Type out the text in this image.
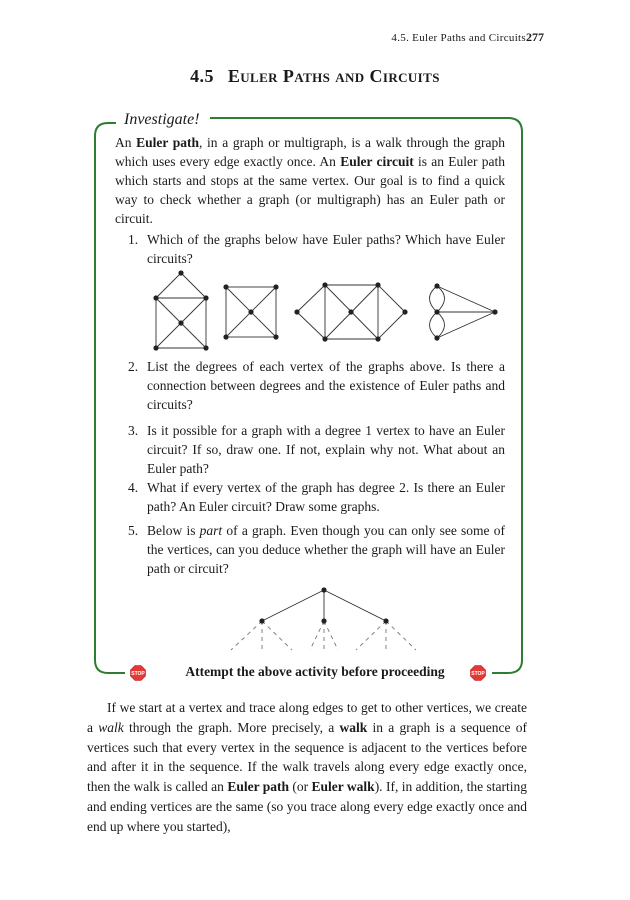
4.5. Euler Paths and Circuits 277
4.5 Euler Paths and Circuits
Investigate!
An Euler path, in a graph or multigraph, is a walk through the graph which uses every edge exactly once. An Euler circuit is an Euler path which starts and stops at the same vertex. Our goal is to find a quick way to check whether a graph (or multigraph) has an Euler path or circuit.
1. Which of the graphs below have Euler paths? Which have Euler circuits?
2. List the degrees of each vertex of the graphs above. Is there a connection between degrees and the existence of Euler paths and circuits?
3. Is it possible for a graph with a degree 1 vertex to have an Euler circuit? If so, draw one. If not, explain why not. What about an Euler path?
4. What if every vertex of the graph has degree 2. Is there an Euler path? An Euler circuit? Draw some graphs.
5. Below is part of a graph. Even though you can only see some of the vertices, can you deduce whether the graph will have an Euler path or circuit?
STOP	Attempt the above activity before proceeding	STOP
If we start at a vertex and trace along edges to get to other vertices, we create a walk through the graph. More precisely, a walk in a graph is a sequence of vertices such that every vertex in the sequence is adjacent to the vertices before and after it in the sequence. If the walk travels along every edge exactly once, then the walk is called an Euler path (or Euler walk). If, in addition, the starting and ending vertices are the same (so you trace along every edge exactly once and end up where you started),
